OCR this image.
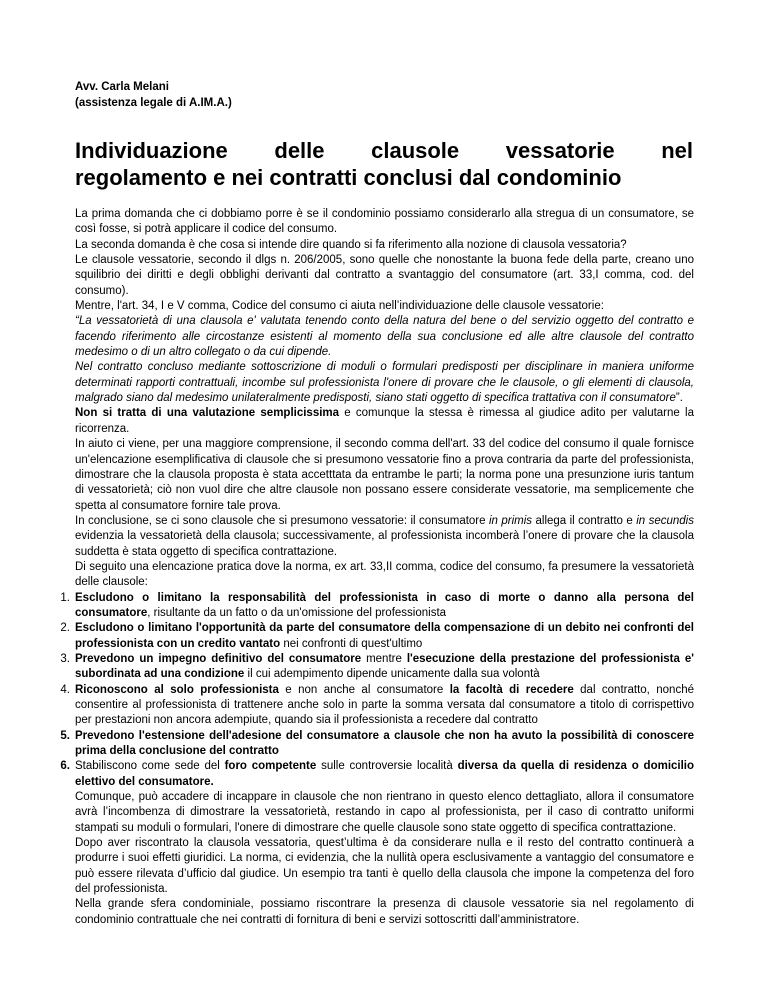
Avv. Carla Melani
(assistenza legale di A.IM.A.)
Individuazione delle clausole vessatorie nel
regolamento e nei contratti conclusi dal condominio

La prima domanda che ci dobbiamo porre è se il condominio possiamo considerarlo alla stregua di un consumatore, se così fosse, si potrà applicare il codice del consumo.

La seconda domanda è che cosa si intende dire quando si fa riferimento alla nozione di clausola vessatoria?

Le clausole vessatorie, secondo il dlgs n. 206/2005, sono quelle che nonostante la buona fede della parte, creano uno squilibrio dei diritti e degli obblighi derivanti dal contratto a svantaggio del consumatore (art. 33,I comma, cod. del consumo).

Mentre, l'art. 34, I e V comma, Codice del consumo ci aiuta nell’individuazione delle clausole vessatorie:

“La vessatorietà di una clausola e' valutata tenendo conto della natura del bene o del servizio oggetto del contratto e facendo riferimento alle circostanze esistenti al momento della sua conclusione ed alle altre clausole del contratto medesimo o di un altro collegato o da cui dipende.

Nel contratto concluso mediante sottoscrizione di moduli o formulari predisposti per disciplinare in maniera uniforme determinati rapporti contrattuali, incombe sul professionista l'onere di provare che le clausole, o gli elementi di clausola, malgrado siano dal medesimo unilateralmente predisposti, siano stati oggetto di specifica trattativa con il consumatore”.

Non si tratta di una valutazione semplicissima e comunque la stessa è rimessa al giudice adito per valutarne la ricorrenza.

In aiuto ci viene, per una maggiore comprensione, il secondo comma dell'art. 33 del codice del consumo il quale fornisce un'elencazione esemplificativa di clausole che si presumono vessatorie fino a prova contraria da parte del professionista, dimostrare che la clausola proposta è stata accetttata da entrambe le parti; la norma pone una presunzione iuris tantum di vessatorietà; ciò non vuol dire che altre clausole non possano essere considerate vessatorie, ma semplicemente che spetta al consumatore fornire tale prova.

In conclusione, se ci sono clausole che si presumono vessatorie: il consumatore in primis allega il contratto e in secundis evidenzia la vessatorietà della clausola; successivamente, al professionista incomberà l’onere di provare che la clausola suddetta è stata oggetto di specifica contrattazione.

Di seguito una elencazione pratica dove la norma, ex art. 33,II comma, codice del consumo, fa presumere la vessatorietà delle clausole:

1. Escludono o limitano la responsabilità del professionista in caso di morte o danno alla persona del consumatore, risultante da un fatto o da un'omissione del professionista
2. Escludono o limitano l'opportunità da parte del consumatore della compensazione di un debito nei confronti del professionista con un credito vantato nei confronti di quest'ultimo
3. Prevedono un impegno definitivo del consumatore mentre l'esecuzione della prestazione del professionista e' subordinata ad una condizione il cui adempimento dipende unicamente dalla sua volontà
4. Riconoscono al solo professionista e non anche al consumatore la facoltà di recedere dal contratto, nonché consentire al professionista di trattenere anche solo in parte la somma versata dal consumatore a titolo di corrispettivo per prestazioni non ancora adempiute, quando sia il professionista a recedere dal contratto
5. Prevedono l'estensione dell'adesione del consumatore a clausole che non ha avuto la possibilità di conoscere prima della conclusione del contratto
6. Stabiliscono come sede del foro competente sulle controversie località diversa da quella di residenza o domicilio elettivo del consumatore.

Comunque, può accadere di incappare in clausole che non rientrano in questo elenco dettagliato, allora il consumatore avrà l’incombenza di dimostrare la vessatorietà, restando in capo al professionista, per il caso di contratto uniformi stampati su moduli o formulari, l'onere di dimostrare che quelle clausole sono state oggetto di specifica contrattazione.

Dopo aver riscontrato la clausola vessatoria, quest’ultima è da considerare nulla e il resto del contratto continuerà a produrre i suoi effetti giuridici. La norma, ci evidenzia, che la nullità opera esclusivamente a vantaggio del consumatore e può essere rilevata d’ufficio dal giudice. Un esempio tra tanti è quello della clausola che impone la competenza del foro del professionista.

Nella grande sfera condominiale, possiamo riscontrare la presenza di clausole vessatorie sia nel regolamento di condominio contrattuale che nei contratti di fornitura di beni e servizi sottoscritti dall’amministratore.
